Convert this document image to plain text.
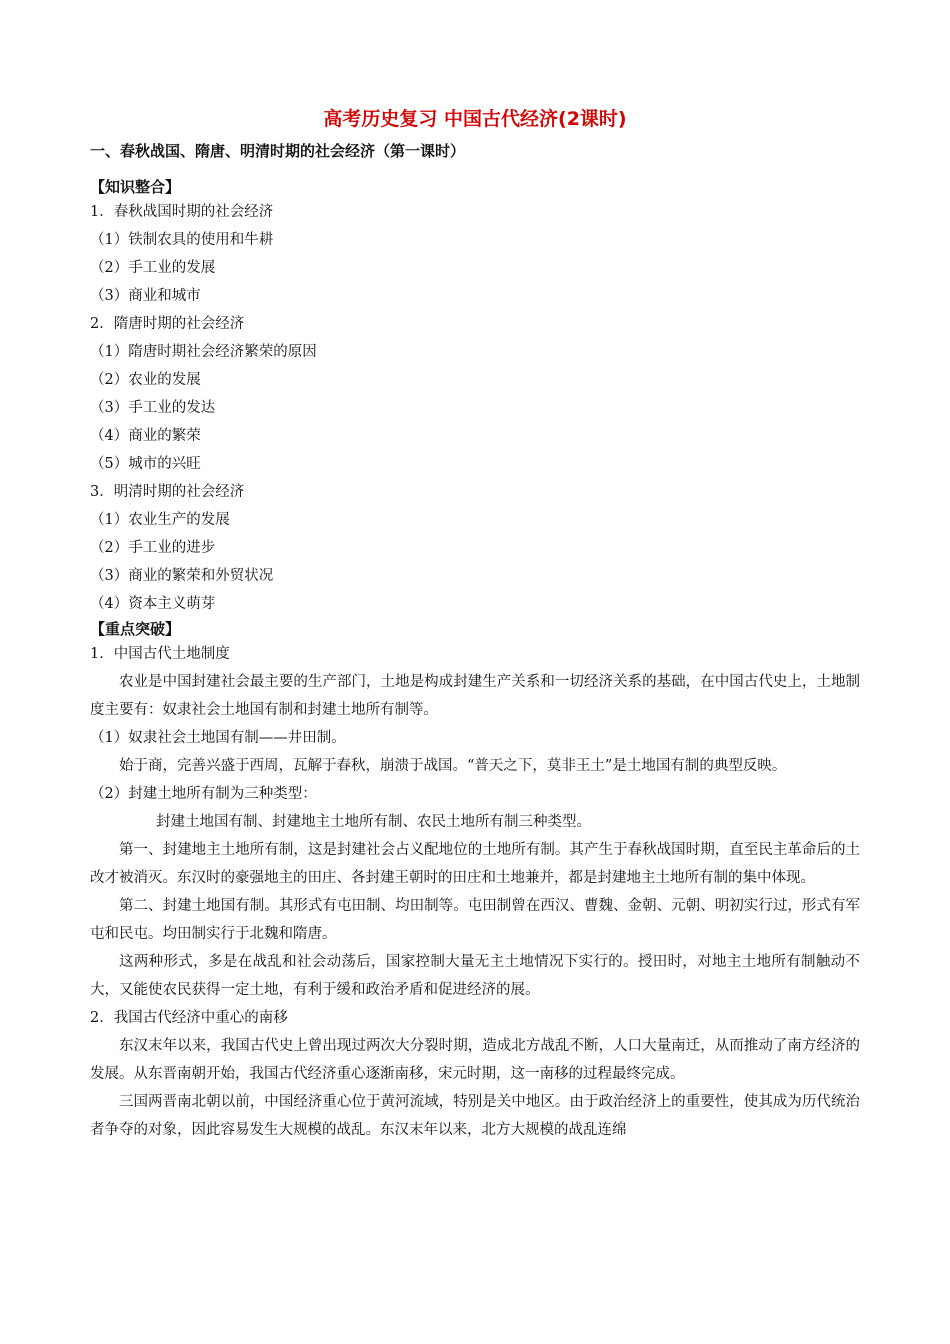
高考历史复习 中国古代经济(2课时)
一、春秋战国、隋唐、明清时期的社会经济（第一课时）
【知识整合】

1．春秋战国时期的社会经济

（1）铁制农具的使用和牛耕

（2）手工业的发展

（3）商业和城市

2．隋唐时期的社会经济

（1）隋唐时期社会经济繁荣的原因

（2）农业的发展

（3）手工业的发达

（4）商业的繁荣

（5）城市的兴旺

3．明清时期的社会经济

（1）农业生产的发展

（2）手工业的进步

（3）商业的繁荣和外贸状况

（4）资本主义萌芽

【重点突破】

1．中国古代土地制度

农业是中国封建社会最主要的生产部门，土地是构成封建生产关系和一切经济关系的基础，在中国古代史上，土地制度主要有：奴隶社会土地国有制和封建土地所有制等。

（1）奴隶社会土地国有制——井田制。

始于商，完善兴盛于西周，瓦解于春秋，崩溃于战国。“普天之下，莫非王土”是土地国有制的典型反映。

（2）封建土地所有制为三种类型：

封建土地国有制、封建地主土地所有制、农民土地所有制三种类型。

第一、封建地主土地所有制，这是封建社会占义配地位的土地所有制。其产生于春秋战国时期，直至民主革命后的土改才被消灭。东汉时的豪强地主的田庄、各封建王朝时的田庄和土地兼并，都是封建地主土地所有制的集中体现。

第二、封建土地国有制。其形式有屯田制、均田制等。屯田制曾在西汉、曹魏、金朝、元朝、明初实行过，形式有军屯和民屯。均田制实行于北魏和隋唐。

这两种形式，多是在战乱和社会动荡后，国家控制大量无主土地情况下实行的。授田时，对地主土地所有制触动不大，又能使农民获得一定土地，有利于缓和政治矛盾和促进经济的展。

2．我国古代经济中重心的南移

东汉末年以来，我国古代史上曾出现过两次大分裂时期，造成北方战乱不断，人口大量南迁，从而推动了南方经济的发展。从东晋南朝开始，我国古代经济重心逐渐南移，宋元时期，这一南移的过程最终完成。

三国两晋南北朝以前，中国经济重心位于黄河流域，特别是关中地区。由于政治经济上的重要性，使其成为历代统治者争夺的对象，因此容易发生大规模的战乱。东汉末年以来，北方大规模的战乱连绵
